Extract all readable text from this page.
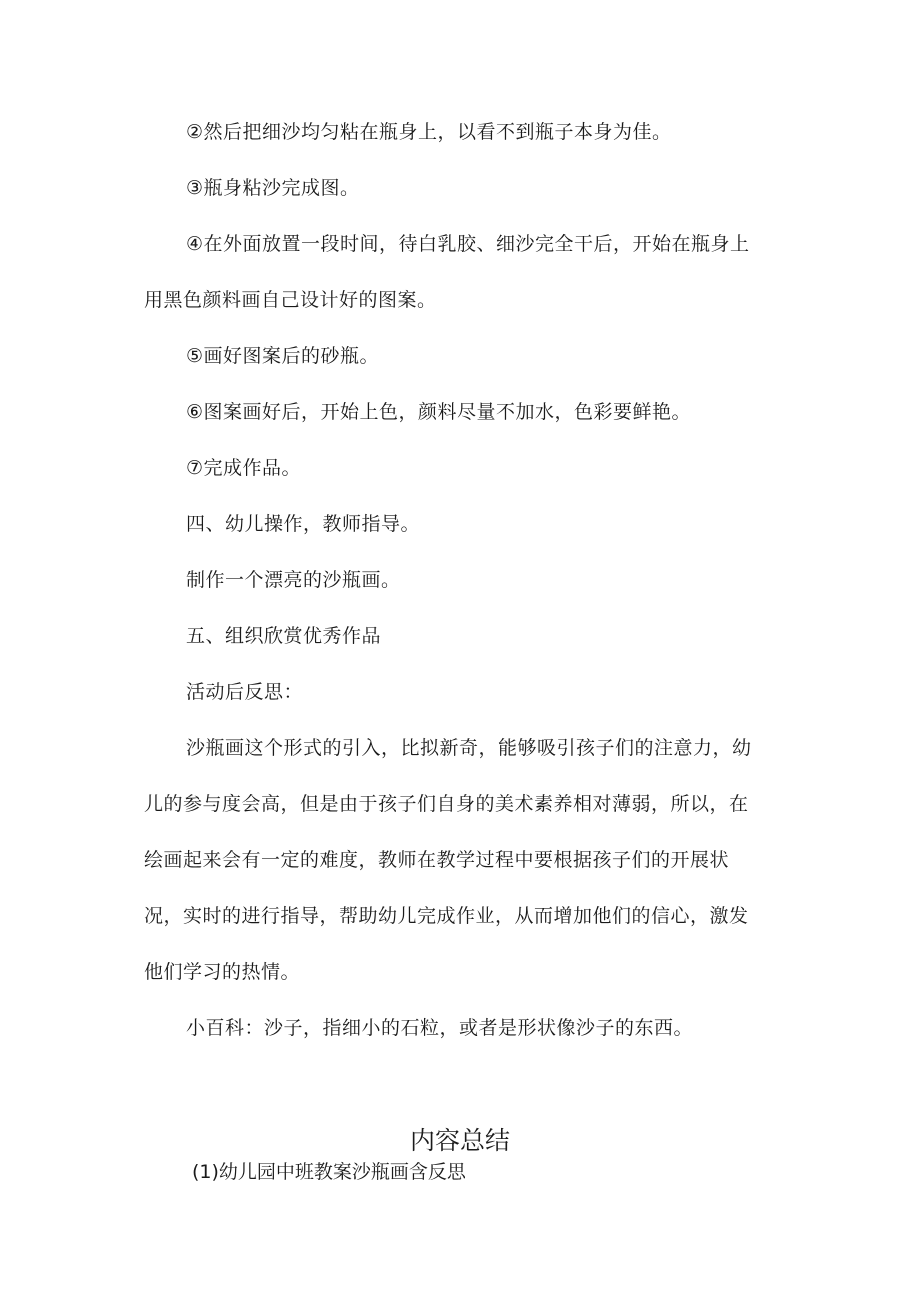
②然后把细沙均匀粘在瓶身上，以看不到瓶子本身为佳。
③瓶身粘沙完成图。
④在外面放置一段时间，待白乳胶、细沙完全干后，开始在瓶身上
用黑色颜料画自己设计好的图案。
⑤画好图案后的砂瓶。
⑥图案画好后，开始上色，颜料尽量不加水，色彩要鲜艳。
⑦完成作品。
四、幼儿操作，教师指导。
制作一个漂亮的沙瓶画。
五、组织欣赏优秀作品
活动后反思：
沙瓶画这个形式的引入，比拟新奇，能够吸引孩子们的注意力，幼
儿的参与度会高，但是由于孩子们自身的美术素养相对薄弱，所以，在
绘画起来会有一定的难度，教师在教学过程中要根据孩子们的开展状
况，实时的进行指导，帮助幼儿完成作业，从而增加他们的信心，激发
他们学习的热情。
小百科：沙子，指细小的石粒，或者是形状像沙子的东西。
内容总结
(1)幼儿园中班教案沙瓶画含反思
